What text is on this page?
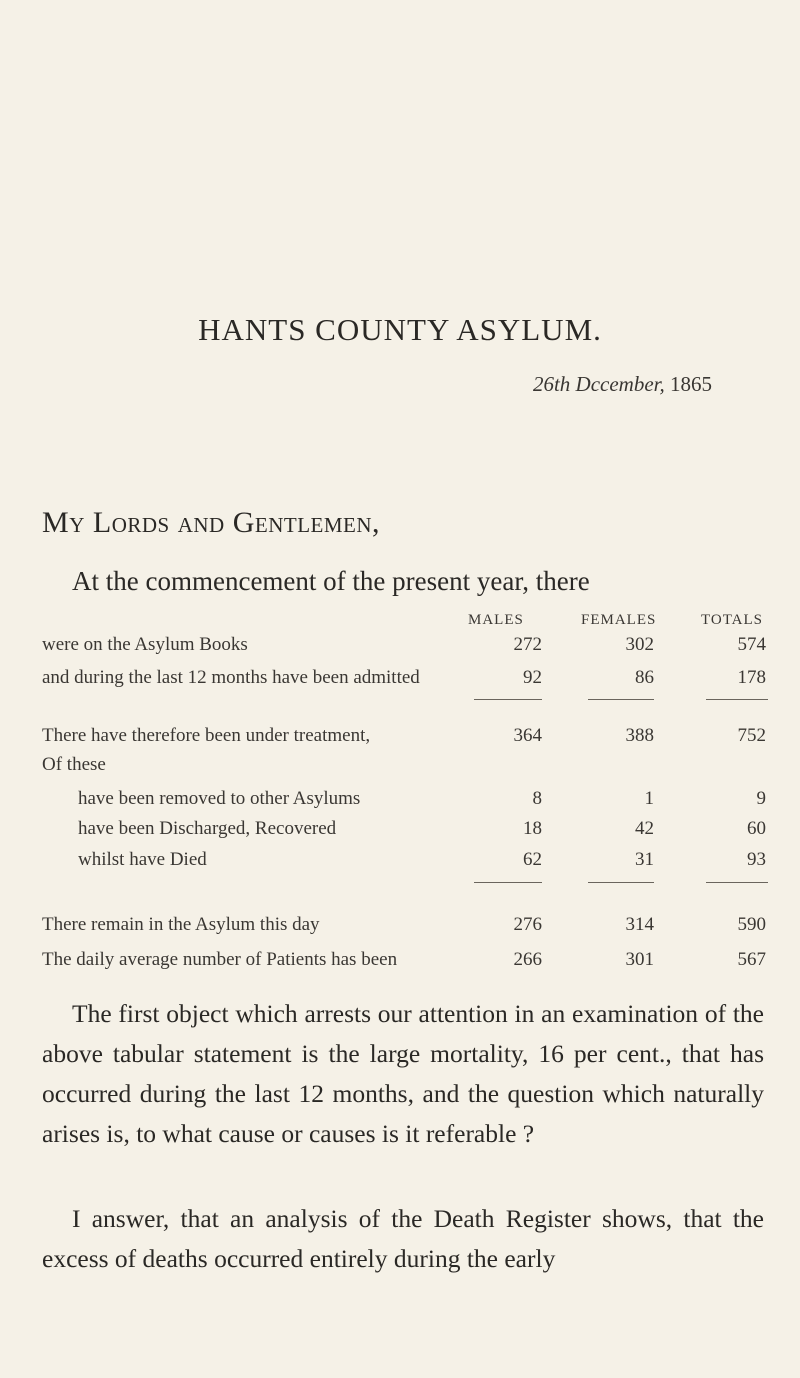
HANTS COUNTY ASYLUM.
26th Dccember, 1865
My Lords and Gentlemen,
At the commencement of the present year, there
MALES	FEMALES	TOTALS
were on the Asylum Books	272	302	574
and during the last 12 months have been admitted	92	86	178
There have therefore been under treatment,	364	388	752
Of these
have been removed to other Asylums	8	1	9
have been Discharged, Recovered	18	42	60
whilst have Died	62	31	93
There remain in the Asylum this day	276	314	590
The daily average number of Patients has been	266	301	567

The first object which arrests our attention in an examination of the above tabular statement is the large mortality, 16 per cent., that has occurred during the last 12 months, and the question which naturally arises is, to what cause or causes is it referable ?

I answer, that an analysis of the Death Register shows, that the excess of deaths occurred entirely during the early
